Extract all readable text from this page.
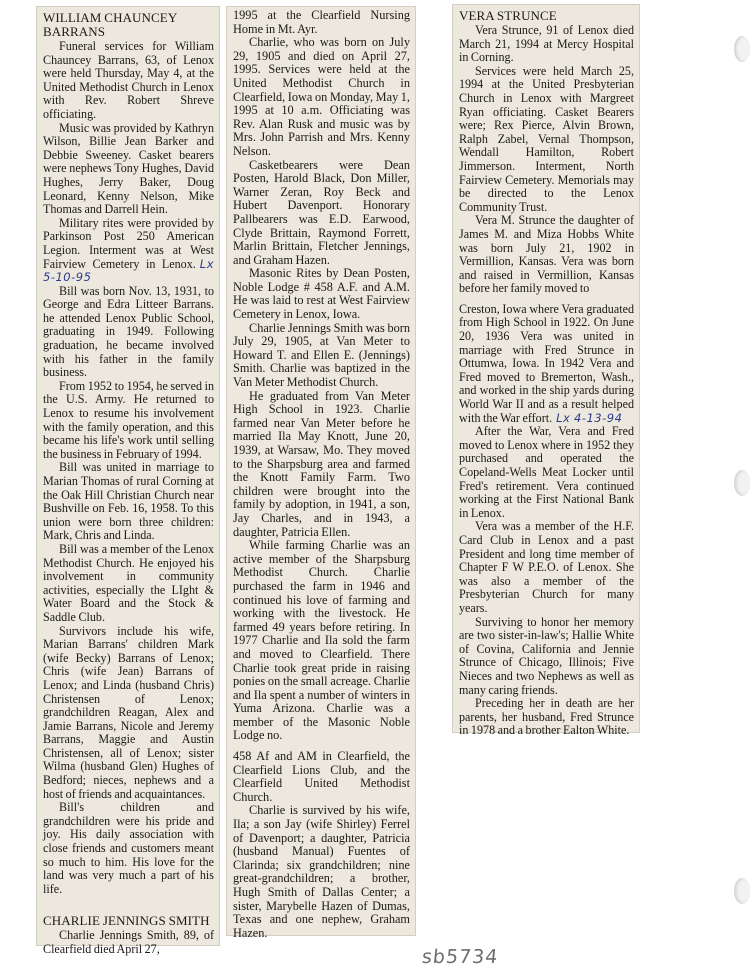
WILLIAM CHAUNCEY BARRANS

Funeral services for William Chauncey Barrans, 63, of Lenox were held Thursday, May 4, at the United Methodist Church in Lenox with Rev. Robert Shreve officiating.

Music was provided by Kathryn Wilson, Billie Jean Barker and Debbie Sweeney. Casket bearers were nephews Tony Hughes, David Hughes, Jerry Baker, Doug Leonard, Kenny Nelson, Mike Thomas and Darrell Hein.

Military rites were provided by Parkinson Post 250 American Legion. Interment was at West Fairview Cemetery in Lenox. Lx 5-10-95

Bill was born Nov. 13, 1931, to George and Edra Litteer Barrans. he attended Lenox Public School, graduating in 1949. Following graduation, he became involved with his father in the family business.

From 1952 to 1954, he served in the U.S. Army. He returned to Lenox to resume his involvement with the family operation, and this became his life's work until selling the business in February of 1994.

Bill was united in marriage to Marian Thomas of rural Corning at the Oak Hill Christian Church near Bushville on Feb. 16, 1958. To this union were born three children: Mark, Chris and Linda.

Bill was a member of the Lenox Methodist Church. He enjoyed his involvement in community activities, especially the LIght & Water Board and the Stock & Saddle Club.

Survivors include his wife, Marian Barrans' children Mark (wife Becky) Barrans of Lenox; Chris (wife Jean) Barrans of Lenox; and Linda (husband Chris) Christensen of Lenox; grandchildren Reagan, Alex and Jamie Barrans, Nicole and Jeremy Barrans, Maggie and Austin Christensen, all of Lenox; sister Wilma (husband Glen) Hughes of Bedford; nieces, nephews and a host of friends and acquaintances.

Bill's children and grandchildren were his pride and joy. His daily association with close friends and customers meant so much to him. His love for the land was very much a part of his life.

CHARLIE JENNINGS SMITH

Charlie Jennings Smith, 89, of Clearfield died April 27,

1995 at the Clearfield Nursing Home in Mt. Ayr.

Charlie, who was born on July 29, 1905 and died on April 27, 1995. Services were held at the United Methodist Church in Clearfield, Iowa on Monday, May 1, 1995 at 10 a.m. Officiating was Rev. Alan Rusk and music was by Mrs. John Parrish and Mrs. Kenny Nelson.

Casketbearers were Dean Posten, Harold Black, Don Miller, Warner Zeran, Roy Beck and Hubert Davenport. Honorary Pallbearers was E.D. Earwood, Clyde Brittain, Raymond Forrett, Marlin Brittain, Fletcher Jennings, and Graham Hazen.

Masonic Rites by Dean Posten, Noble Lodge # 458 A.F. and A.M. He was laid to rest at West Fairview Cemetery in Lenox, Iowa.

Charlie Jennings Smith was born July 29, 1905, at Van Meter to Howard T. and Ellen E. (Jennings) Smith. Charlie was baptized in the Van Meter Methodist Church.

He graduated from Van Meter High School in 1923. Charlie farmed near Van Meter before he married Ila May Knott, June 20, 1939, at Warsaw, Mo. They moved to the Sharpsburg area and farmed the Knott Family Farm. Two children were brought into the family by adoption, in 1941, a son, Jay Charles, and in 1943, a daughter, Patricia Ellen.

While farming Charlie was an active member of the Sharpsburg Methodist Church. Charlie purchased the farm in 1946 and continued his love of farming and working with the livestock. He farmed 49 years before retiring. In 1977 Charlie and Ila sold the farm and moved to Clearfield. There Charlie took great pride in raising ponies on the small acreage. Charlie and Ila spent a number of winters in Yuma Arizona. Charlie was a member of the Masonic Noble Lodge no.

458 Af and AM in Clearfield, the Clearfield Lions Club, and the Clearfield United Methodist Church.

Charlie is survived by his wife, Ila; a son Jay (wife Shirley) Ferrel of Davenport; a daughter, Patricia (husband Manual) Fuentes of Clarinda; six grandchildren; nine great-grandchildren; a brother, Hugh Smith of Dallas Center; a sister, Marybelle Hazen of Dumas, Texas and one nephew, Graham Hazen.

VERA STRUNCE

Vera Strunce, 91 of Lenox died March 21, 1994 at Mercy Hospital in Corning.

Services were held March 25, 1994 at the United Presbyterian Church in Lenox with Margreet Ryan officiating. Casket Bearers were; Rex Pierce, Alvin Brown, Ralph Zabel, Vernal Thompson, Wendall Hamilton, Robert Jimmerson. Interment, North Fairview Cemetery. Memorials may be directed to the Lenox Community Trust.

Vera M. Strunce the daughter of James M. and Miza Hobbs White was born July 21, 1902 in Vermillion, Kansas. Vera was born and raised in Vermillion, Kansas before her family moved to

Creston, Iowa where Vera graduated from High School in 1922. On June 20, 1936 Vera was united in marriage with Fred Strunce in Ottumwa, Iowa. In 1942 Vera and Fred moved to Bremerton, Wash., and worked in the ship yards during World War II and as a result helped with the War effort. Lx 4-13-94

After the War, Vera and Fred moved to Lenox where in 1952 they purchased and operated the Copeland-Wells Meat Locker until Fred's retirement. Vera continued working at the First National Bank in Lenox.

Vera was a member of the H.F. Card Club in Lenox and a past President and long time member of Chapter F W P.E.O. of Lenox. She was also a member of the Presbyterian Church for many years.

Surviving to honor her memory are two sister-in-law's; Hallie White of Covina, California and Jennie Strunce of Chicago, Illinois; Five Nieces and two Nephews as well as many caring friends.

Preceding her in death are her parents, her husband, Fred Strunce in 1978 and a brother Ealton White.

sb5734
